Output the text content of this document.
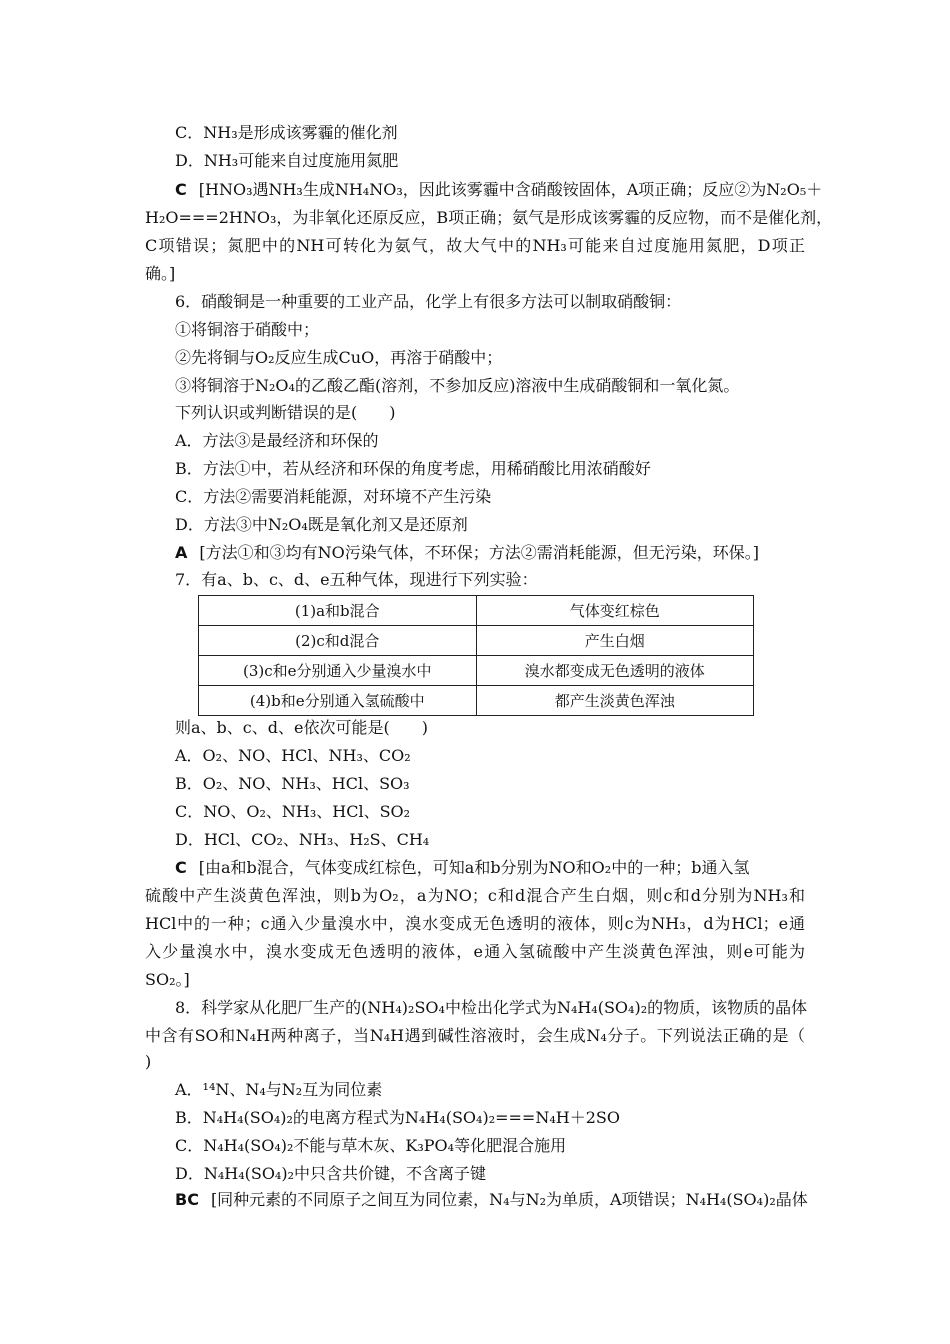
C．NH₃是形成该雾霾的催化剂
D．NH₃可能来自过度施用氮肥
C [HNO₃遇NH₃生成NH₄NO₃，因此该雾霾中含硝酸铵固体，A项正确；反应②为N₂O₅＋
H₂O===2HNO₃，为非氧化还原反应，B项正确；氨气是形成该雾霾的反应物，而不是催化剂，
C项错误；氮肥中的NH可转化为氨气，故大气中的NH₃可能来自过度施用氮肥，D项正
确。]
6．硝酸铜是一种重要的工业产品，化学上有很多方法可以制取硝酸铜：
①将铜溶于硝酸中；
②先将铜与O₂反应生成CuO，再溶于硝酸中；
③将铜溶于N₂O₄的乙酸乙酯(溶剂，不参加反应)溶液中生成硝酸铜和一氧化氮。
下列认识或判断错误的是(　　)
A．方法③是最经济和环保的
B．方法①中，若从经济和环保的角度考虑，用稀硝酸比用浓硝酸好
C．方法②需要消耗能源，对环境不产生污染
D．方法③中N₂O₄既是氧化剂又是还原剂
A [方法①和③均有NO污染气体，不环保；方法②需消耗能源，但无污染，环保。]
7．有a、b、c、d、e五种气体，现进行下列实验：
(1)a和b混合	气体变红棕色
(2)c和d混合	产生白烟
(3)c和e分别通入少量溴水中	溴水都变成无色透明的液体
(4)b和e分别通入氢硫酸中	都产生淡黄色浑浊
则a、b、c、d、e依次可能是(　　)
A．O₂、NO、HCl、NH₃、CO₂
B．O₂、NO、NH₃、HCl、SO₃
C．NO、O₂、NH₃、HCl、SO₂
D．HCl、CO₂、NH₃、H₂S、CH₄
C [由a和b混合，气体变成红棕色，可知a和b分别为NO和O₂中的一种；b通入氢
硫酸中产生淡黄色浑浊，则b为O₂，a为NO；c和d混合产生白烟，则c和d分别为NH₃和
HCl中的一种；c通入少量溴水中，溴水变成无色透明的液体，则c为NH₃，d为HCl；e通
入少量溴水中，溴水变成无色透明的液体，e通入氢硫酸中产生淡黄色浑浊，则e可能为
SO₂。]
8．科学家从化肥厂生产的(NH₄)₂SO₄中检出化学式为N₄H₄(SO₄)₂的物质，该物质的晶体
中含有SO和N₄H两种离子，当N₄H遇到碱性溶液时，会生成N₄分子。下列说法正确的是（
)
A．¹⁴N、N₄与N₂互为同位素
B．N₄H₄(SO₄)₂的电离方程式为N₄H₄(SO₄)₂===N₄H＋2SO
C．N₄H₄(SO₄)₂不能与草木灰、K₃PO₄等化肥混合施用
D．N₄H₄(SO₄)₂中只含共价键，不含离子键
BC [同种元素的不同原子之间互为同位素，N₄与N₂为单质，A项错误；N₄H₄(SO₄)₂晶体
